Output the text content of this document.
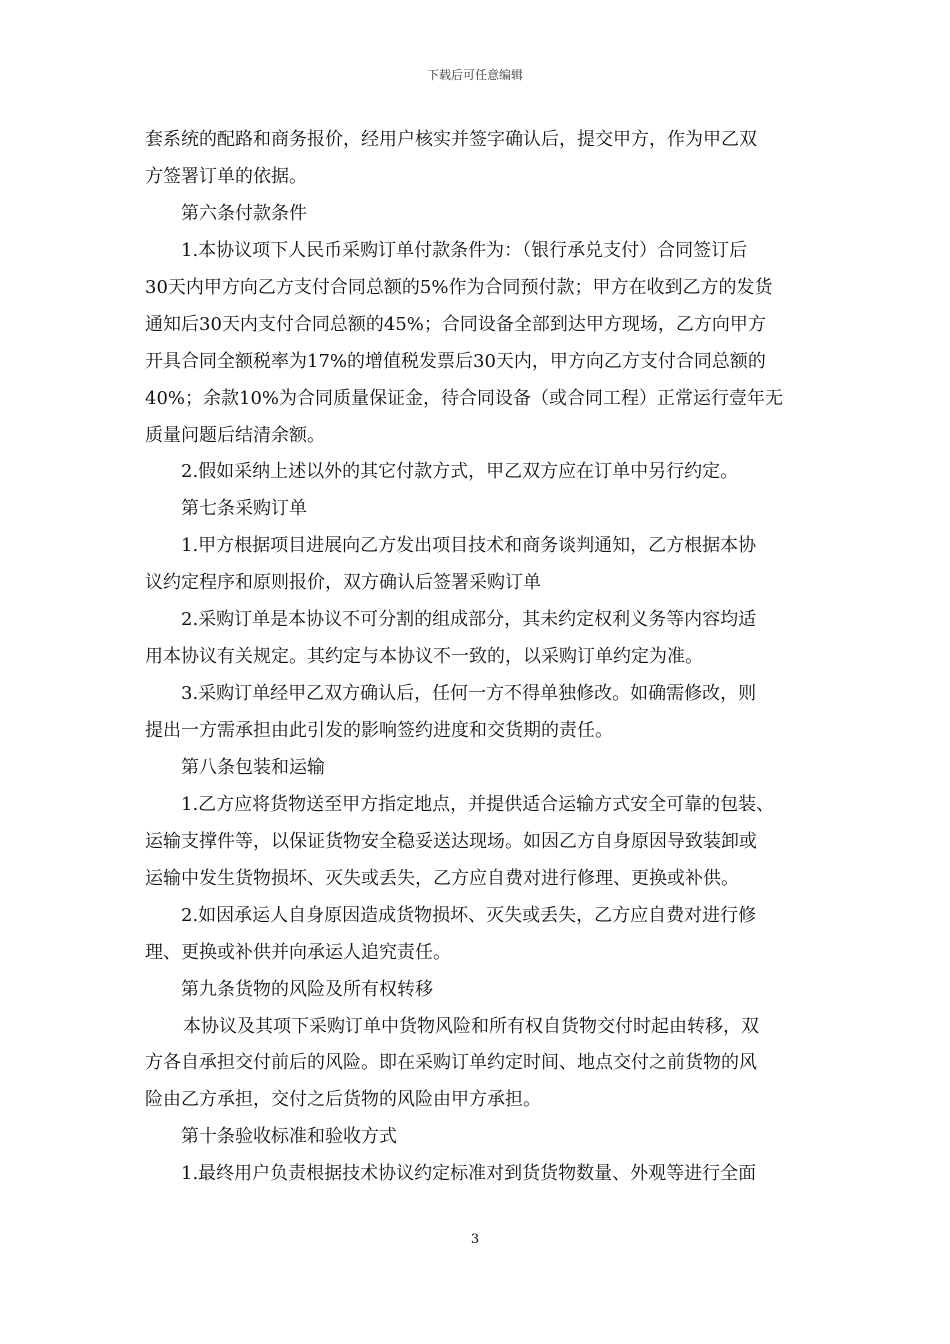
下载后可任意编辑
套系统的配路和商务报价，经用户核实并签字确认后，提交甲方，作为甲乙双
方签署订单的依据。
第六条付款条件
1.本协议项下人民币采购订单付款条件为：（银行承兑支付）合同签订后
30天内甲方向乙方支付合同总额的5%作为合同预付款；甲方在收到乙方的发货
通知后30天内支付合同总额的45%；合同设备全部到达甲方现场，乙方向甲方
开具合同全额税率为17%的增值税发票后30天内，甲方向乙方支付合同总额的
40%；余款10%为合同质量保证金，待合同设备（或合同工程）正常运行壹年无
质量问题后结清余额。
2.假如采纳上述以外的其它付款方式，甲乙双方应在订单中另行约定。
第七条采购订单
1.甲方根据项目进展向乙方发出项目技术和商务谈判通知，乙方根据本协
议约定程序和原则报价，双方确认后签署采购订单
2.采购订单是本协议不可分割的组成部分，其未约定权利义务等内容均适
用本协议有关规定。其约定与本协议不一致的，以采购订单约定为准。
3.采购订单经甲乙双方确认后，任何一方不得单独修改。如确需修改，则
提出一方需承担由此引发的影响签约进度和交货期的责任。
第八条包装和运输
1.乙方应将货物送至甲方指定地点，并提供适合运输方式安全可靠的包装、
运输支撑件等，以保证货物安全稳妥送达现场。如因乙方自身原因导致装卸或
运输中发生货物损坏、灭失或丢失，乙方应自费对进行修理、更换或补供。
2.如因承运人自身原因造成货物损坏、灭失或丢失，乙方应自费对进行修
理、更换或补供并向承运人追究责任。
第九条货物的风险及所有权转移
本协议及其项下采购订单中货物风险和所有权自货物交付时起由转移，双
方各自承担交付前后的风险。即在采购订单约定时间、地点交付之前货物的风
险由乙方承担，交付之后货物的风险由甲方承担。
第十条验收标准和验收方式
1.最终用户负责根据技术协议约定标准对到货货物数量、外观等进行全面
3
